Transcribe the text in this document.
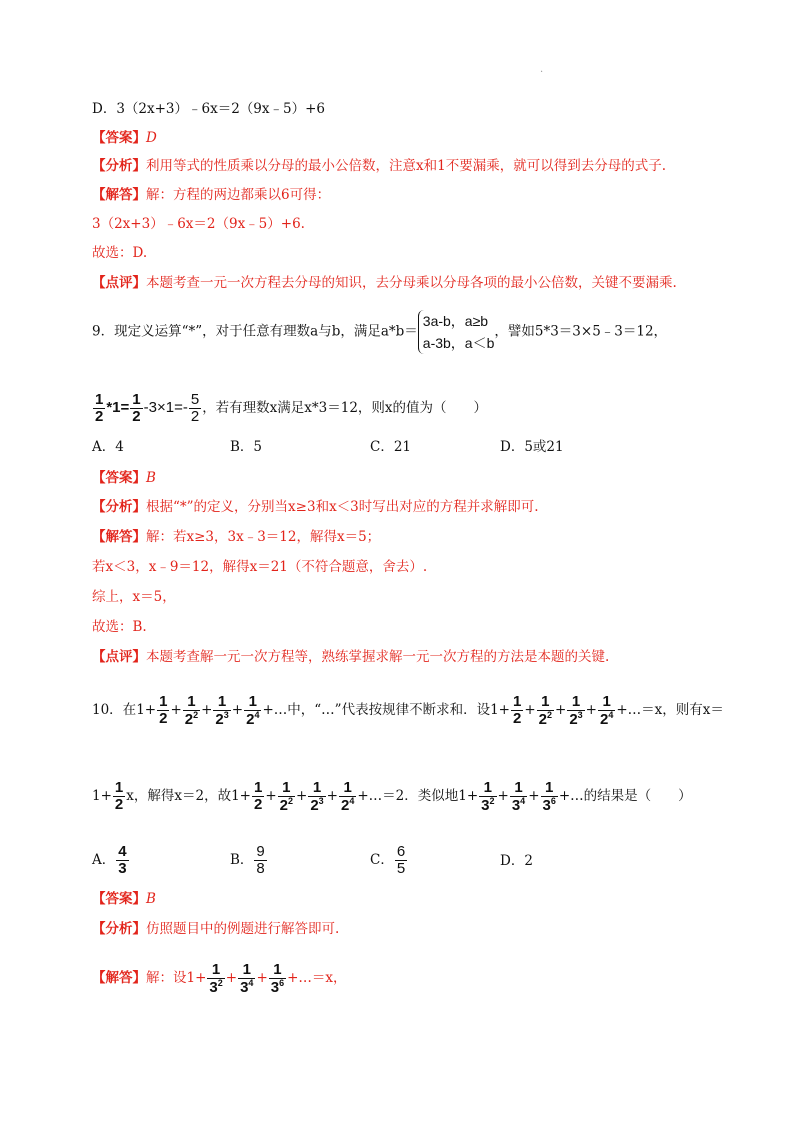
.
D．3（2x+3）﹣6x＝2（9x﹣5）+6
【答案】D
【分析】利用等式的性质乘以分母的最小公倍数，注意x和1不要漏乘，就可以得到去分母的式子.
【解答】解：方程的两边都乘以6可得：
3（2x+3）﹣6x＝2（9x﹣5）+6.
故选：D.
【点评】本题考查一元一次方程去分母的知识，去分母乘以分母各项的最小公倍数，关键不要漏乘.
9．现定义运算“*”，对于任意有理数a与b，满足a*b＝
3a-b，a≥b
a-3b，a＜b
，譬如5*3＝3×5﹣3＝12，
$\frac{1}{2} *1= \frac{1}{2} -3\times 1=- \frac{5}{2}$ ，若有理数x满足x*3＝12，则x的值为（　　）
A．4	B．5	C．21	D．5或21
【答案】B
【分析】根据“*”的定义，分别当x≥3和x＜3时写出对应的方程并求解即可.
【解答】解：若x≥3，3x﹣3＝12，解得x＝5；
若x＜3，x﹣9＝12，解得x＝21（不符合题意，舍去）.
综上，x＝5，
故选：B.
【点评】本题考查解一元一次方程等，熟练掌握求解一元一次方程的方法是本题的关键.
10．在$1+ \frac{1}{2} + \frac{1}{2^2} + \frac{1}{2^3} + \frac{1}{2^4}$ +…中，“…”代表按规律不断求和．设$1+ \frac{1}{2} + \frac{1}{2^2} + \frac{1}{2^3} + \frac{1}{2^4}$ +…＝x，则有x＝
$1+ \frac{1}{2}$ x，解得x＝2，故$1+ \frac{1}{2} + \frac{1}{2^2} + \frac{1}{2^3} + \frac{1}{2^4}$ +…＝2．类似地$1+ \frac{1}{3^2} + \frac{1}{3^4} + \frac{1}{3^6}$ +…的结果是（　　）
A． $\frac{4}{3}$	B． $\frac{9}{8}$	C． $\frac{6}{5}$	D．2
【答案】B
【分析】仿照题目中的例题进行解答即可.
【解答】解：设$1+ \frac{1}{3^2} + \frac{1}{3^4} + \frac{1}{3^6}$ +…＝x，
